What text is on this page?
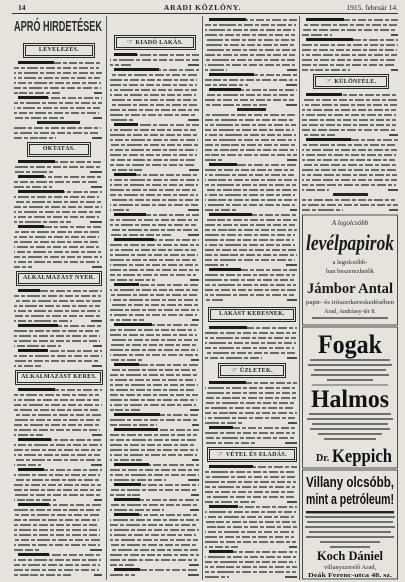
14	ARADI KÖZLÖNY.	1915. február 14.
APRÓ HIRDETÉSEK
LEVELEZÉS.
OKTATÁS.
ALKALMAZÁST NYER.
ALKALMAZÁST KERES.
☞ KIADÓ LAKÁS.
LAKÁST KERESNEK.
☞ ÜZLETEK.
☞ VÉTEL ÉS ELADÁS.
☞ KÜLÖNFÉLE.
A legolcsóbb
levélpapirok
a legolcsóbb-
ban beszerezhetők
Jámbor Antal
papir- és irószerkereskedésében
Arad, Andrássy-tér 8.
Fogak
Halmos
Dr. Keppich
Villany olcsóbb,
mint a petróleum!
Koch Dániel
villanyszerelő Arad,
Deák Ferenc-utca 48. sz.
